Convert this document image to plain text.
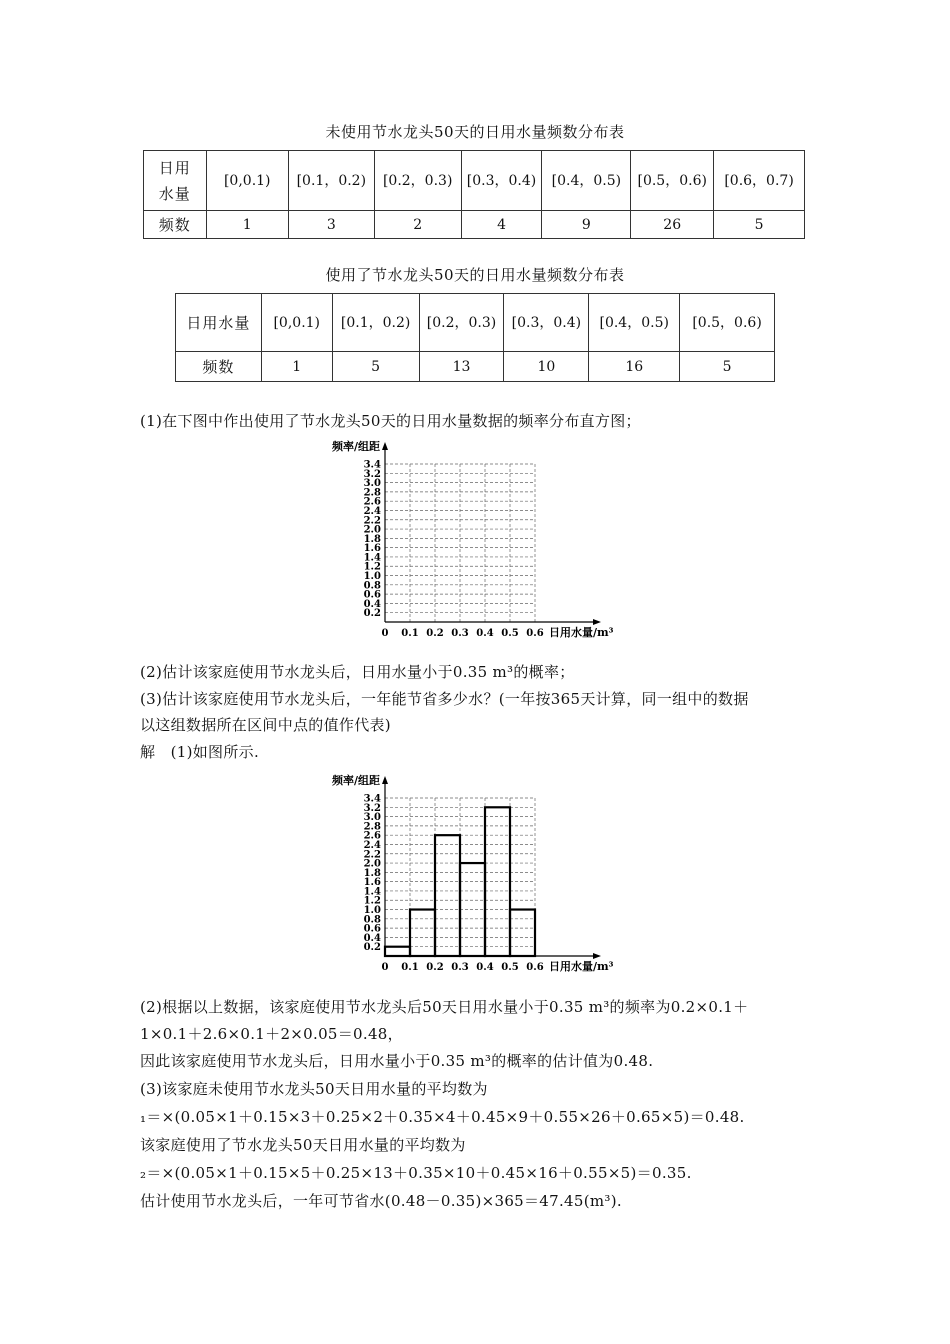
未使用节水龙头50天的日用水量频数分布表
日用水量	[0,0.1)	[0.1，0.2)	[0.2，0.3)	[0.3，0.4)	[0.4，0.5)	[0.5，0.6)	[0.6，0.7)
频数	1	3	2	4	9	26	5
使用了节水龙头50天的日用水量频数分布表
日用水量	[0,0.1)	[0.1，0.2)	[0.2，0.3)	[0.3，0.4)	[0.4，0.5)	[0.5，0.6)
频数	1	5	13	10	16	5
(1)在下图中作出使用了节水龙头50天的日用水量数据的频率分布直方图；
0.2
0.4
0.6
0.8
1.0
1.2
1.4
1.6
1.8
2.0
2.2
2.4
2.6
2.8
3.0
3.2
3.4
0 0.1 0.2 0.3 0.4 0.5 0.6
频率/组距
日用水量/m³
(2)估计该家庭使用节水龙头后，日用水量小于0.35 m³的概率；
(3)估计该家庭使用节水龙头后，一年能节省多少水？(一年按365天计算，同一组中的数据
以这组数据所在区间中点的值作代表)
解　(1)如图所示.
0.2
0.4
0.6
0.8
1.0
1.2
1.4
1.6
1.8
2.0
2.2
2.4
2.6
2.8
3.0
3.2
3.4
0 0.1 0.2 0.3 0.4 0.5 0.6
频率/组距
日用水量/m³
(2)根据以上数据，该家庭使用节水龙头后50天日用水量小于0.35 m³的频率为0.2×0.1＋
1×0.1＋2.6×0.1＋2×0.05＝0.48，
因此该家庭使用节水龙头后，日用水量小于0.35 m³的概率的估计值为0.48.
(3)该家庭未使用节水龙头50天日用水量的平均数为
₁＝×(0.05×1＋0.15×3＋0.25×2＋0.35×4＋0.45×9＋0.55×26＋0.65×5)＝0.48.
该家庭使用了节水龙头50天日用水量的平均数为
₂＝×(0.05×1＋0.15×5＋0.25×13＋0.35×10＋0.45×16＋0.55×5)＝0.35.
估计使用节水龙头后，一年可节省水(0.48－0.35)×365＝47.45(m³).
